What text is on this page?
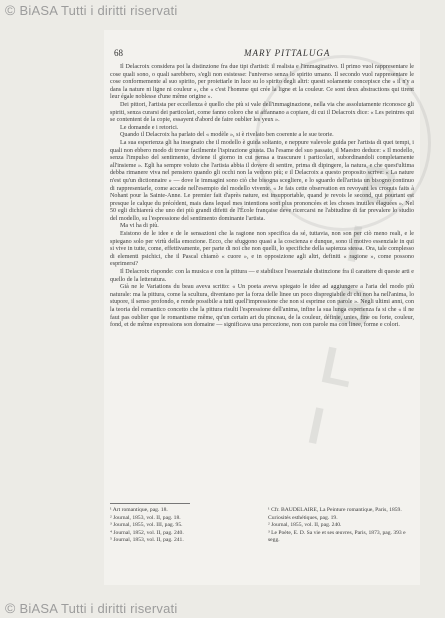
© BiASA Tutti i diritti riservati
B
I
B
L
I
68	MARY PITTALUGA

Il Delacroix considera poi la distinzione fra due tipi d'artisti: il realista e l'immaginativo. Il primo vuol rappresentare le cose quali sono, o quali sarebbero, s'egli non esistesse: l'universo senza lo spirito umano. Il secondo vuol rappresentare le cose conformemente al suo spirito, per proiettarle in luce su lo spirito degli altri: questi solamente concepisce che « il n'y a dans la nature ni ligne ni couleur », che « c'est l'homme qui crée la ligne et la couleur. Ce sont deux abstractions qui tirent leur égale noblesse d'une même origine ».

Dei pittori, l'artista per eccellenza è quello che più si vale dell'immaginazione, nella via che assolutamente riconosce gli spiriti, senza curarsi dei particolari, come fanno coloro che si affannano a copiare, di cui il Delacroix dice: « Les peintres qui se contentent de la copie, essayent d'abord de faire oublier les yeux ».

Le domande e i retorici.

Quando il Delacroix ha parlato del « modèle », si è rivelato ben coerente a le sue teorie.

La sua esperienza gli ha insegnato che il modello è guida soltanto, e neppure valevole guida per l'artista di quei tempi, i quali non ebbero modo di trovar facilmente l'ispirazione giusta. Da l'esame del suo passato, il Maestro deduce: « Il modello, senza l'impulso del sentimento, diviene il giorno in cui pensa a trascurare i particolari, subordinandoli completamente all'insieme ». Egli ha sempre voluto che l'artista abbia il dovere di sentire, prima di dipingere, la natura, e che quest'ultima debba rimanere viva nel pensiero quando gli occhi non la vedono più; e il Delacroix a questo proposito scrive: « La nature n'est qu'un dictionnaire » — dove le immagini sono ciò che bisogna scegliere, e lo sguardo dell'artista un bisogno continuo di rappresentarle, come accade nell'esempio del modello vivente. « Je fais cette observation en revoyant les croquis faits à Nohant pour la Sainte-Anne. Le premier fait d'après nature, est insupportable, quand je revois le second, qui pourtant est presque le calque du précédent, mais dans lequel mes intentions sont plus prononcées et les choses inutiles élaguées ». Nel 50 egli dichiarerà che uno dei più grandi difetti de l'École française deve ricercarsi ne l'abitudine di far prevalere lo studio del modello, su l'espressione del sentimento dominante l'artista.

Ma vi ha di più.

Esistono de le idee e de le sensazioni che la ragione non specifica da sé, tuttavia, non son per ciò meno reali, e le spiegano solo per virtù della emozione. Ecco, che sfuggono quasi a la coscienza e dunque, sono il motivo essenziale in qui si vive in tutte, come, effettivamente, per parte di noi che non quelli, lo specifiche della sapienza stessa. Ora, tale complesso di elementi psichici, che il Pascal chiamò « cuore », e in opposizione agli altri, definiti « ragione », come possono esprimersi?

Il Delacroix risponde: con la musica e con la pittura — e stabilisce l'essenziale distinzione fra il carattere di queste arti e quello de la letteratura.

Già ne le Variations du beau aveva scritto: « Un poeta aveva spiegato le idee ad aggiungere a l'aria del modo più naturale: ma la pittura, come la scultura, diventano per la forza delle linee un poco dispregiabile di chi non ha nell'anima, lo stupore, il senso profondo, e rende possibile a tutti quell'impressione che non si esprime con parole ». Negli ultimi anni, con la teoria del romantico concetto che la pittura risulti l'espressione dell'anima, infine la sua lunga esperienza fa si che « il ne faut pas oublier que le romantisme même, qu'un certain art du pinceau, de la couleur, définie, unies, fine ou forte, couleur, fond, et de même expressions son domaine — significava una percezione, non con parole ma con linee, forme e colori.

¹ Art romantique, pag. 18.
² Journal, 1853, vol. II, pag. 18.
³ Journal, 1855, vol. III, pag. 95.
⁴ Journal, 1852, vol. II, pag. 240.
⁵ Journal, 1853, vol. II, pag. 241.
¹ Cfr. BAUDELAIRE, La Peinture romantique, Paris, 1859. Curiosités esthétiques, pag. 19.
² Journal, 1855, vol. II, pag. 240.
³ Le Poète, E. D. Sa vie et ses œuvres, Paris, 1873, pag. 393 e segg.
© BiASA Tutti i diritti riservati
